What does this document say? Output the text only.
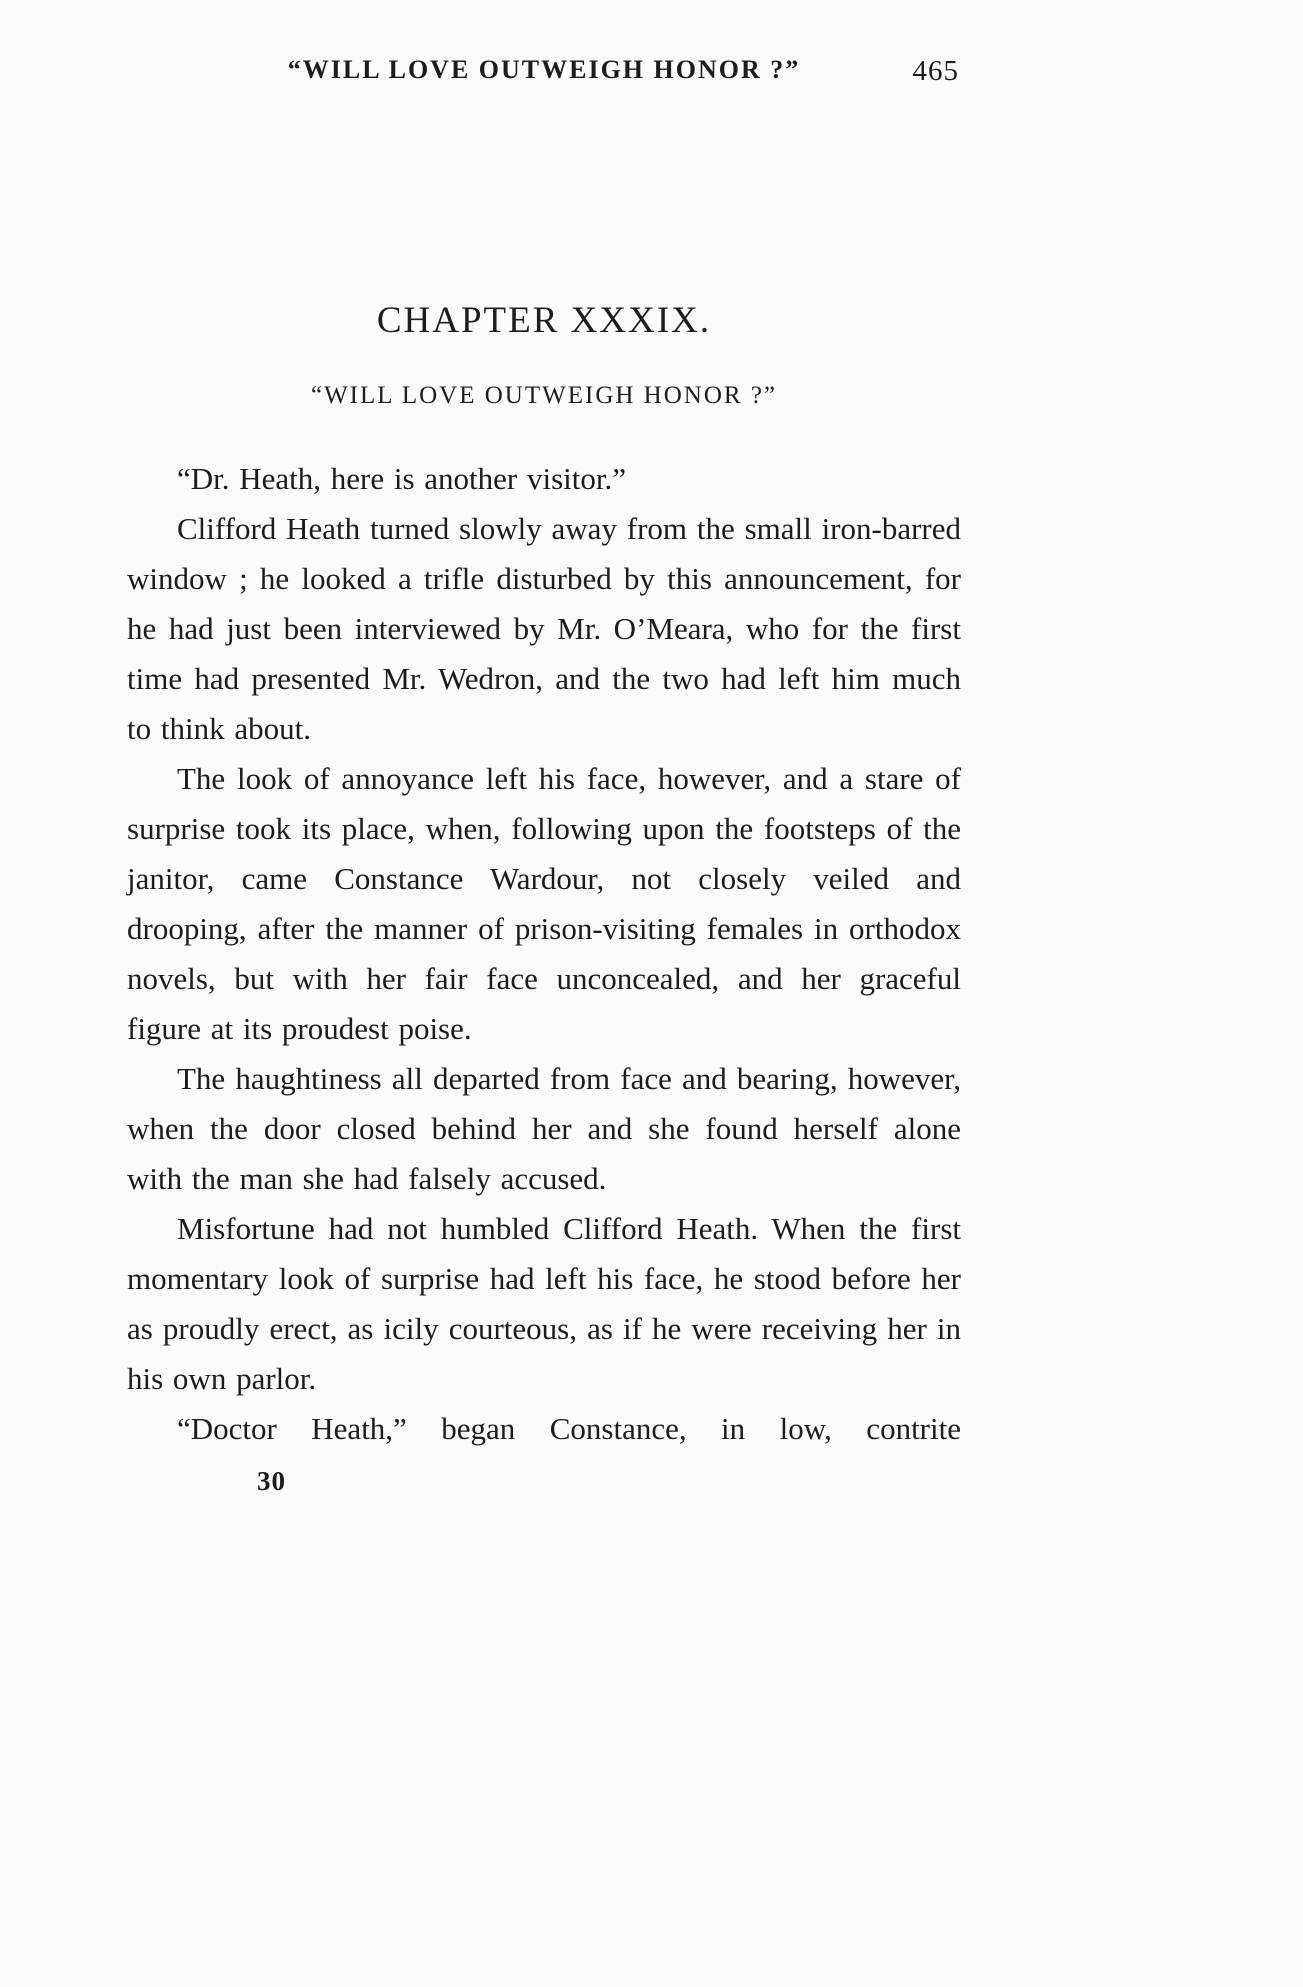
“WILL LOVE OUTWEIGH HONOR ?”	465
CHAPTER XXXIX.
“WILL LOVE OUTWEIGH HONOR ?”

“Dr. Heath, here is another visitor.”

Clifford Heath turned slowly away from the small iron-barred window ; he looked a trifle disturbed by this announcement, for he had just been interviewed by Mr. O’Meara, who for the first time had presented Mr. Wedron, and the two had left him much to think about.

The look of annoyance left his face, however, and a stare of surprise took its place, when, following upon the footsteps of the janitor, came Constance Wardour, not closely veiled and drooping, after the manner of prison-visiting females in orthodox novels, but with her fair face unconcealed, and her graceful figure at its proudest poise.

The haughtiness all departed from face and bearing, however, when the door closed behind her and she found herself alone with the man she had falsely accused.

Misfortune had not humbled Clifford Heath. When the first momentary look of surprise had left his face, he stood before her as proudly erect, as icily courteous, as if he were receiving her in his own parlor.

“Doctor Heath,” began Constance, in low, contrite

30
